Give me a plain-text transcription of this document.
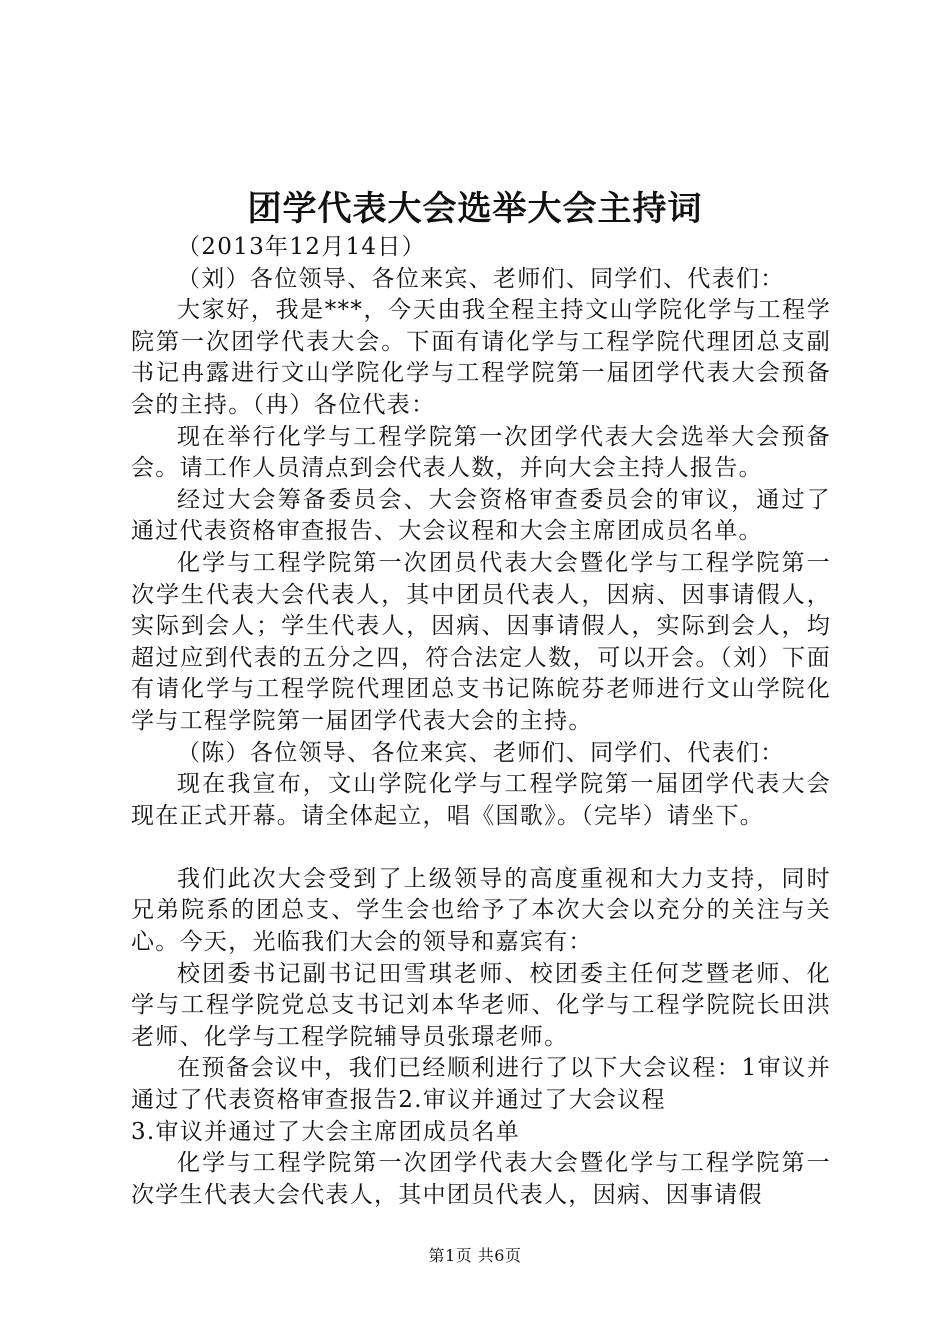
团学代表大会选举大会主持词

（2013年12月14日）

（刘）各位领导、各位来宾、老师们、同学们、代表们：

大家好，我是***，今天由我全程主持文山学院化学与工程学院第一次团学代表大会。下面有请化学与工程学院代理团总支副书记冉露进行文山学院化学与工程学院第一届团学代表大会预备会的主持。（冉）各位代表：

现在举行化学与工程学院第一次团学代表大会选举大会预备会。请工作人员清点到会代表人数，并向大会主持人报告。

经过大会筹备委员会、大会资格审查委员会的审议，通过了通过代表资格审查报告、大会议程和大会主席团成员名单。

化学与工程学院第一次团员代表大会暨化学与工程学院第一次学生代表大会代表人，其中团员代表人，因病、因事请假人，实际到会人；学生代表人，因病、因事请假人，实际到会人，均超过应到代表的五分之四，符合法定人数，可以开会。（刘）下面有请化学与工程学院代理团总支书记陈皖芬老师进行文山学院化学与工程学院第一届团学代表大会的主持。

（陈）各位领导、各位来宾、老师们、同学们、代表们：

现在我宣布，文山学院化学与工程学院第一届团学代表大会现在正式开幕。请全体起立，唱《国歌》。（完毕）请坐下。

我们此次大会受到了上级领导的高度重视和大力支持，同时兄弟院系的团总支、学生会也给予了本次大会以充分的关注与关心。今天，光临我们大会的领导和嘉宾有：

校团委书记副书记田雪琪老师、校团委主任何芝暨老师、化学与工程学院党总支书记刘本华老师、化学与工程学院院长田洪老师、化学与工程学院辅导员张璟老师。

在预备会议中，我们已经顺利进行了以下大会议程：1审议并通过了代表资格审查报告2.审议并通过了大会议程

3.审议并通过了大会主席团成员名单

化学与工程学院第一次团学代表大会暨化学与工程学院第一次学生代表大会代表人，其中团员代表人，因病、因事请假

第1页 共6页
